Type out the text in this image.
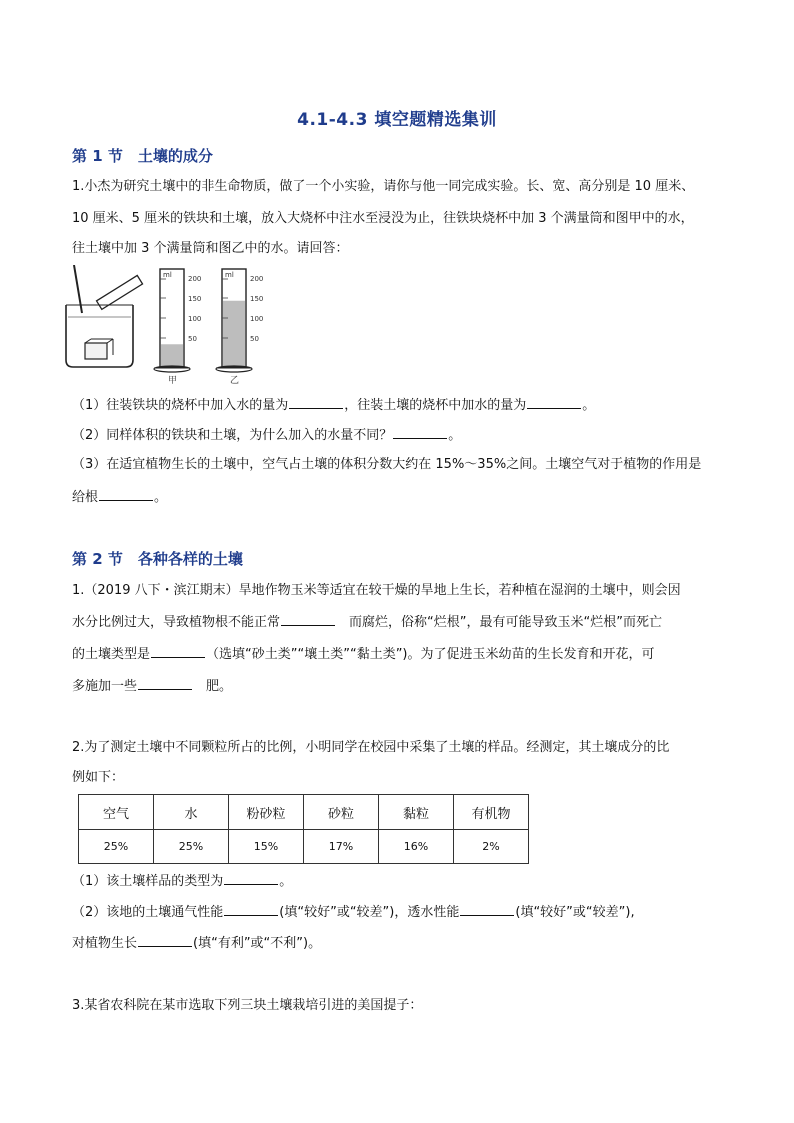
4.1-4.3 填空题精选集训
第 1 节　土壤的成分
1.小杰为研究土壤中的非生命物质，做了一个小实验，请你与他一同完成实验。长、宽、高分别是 10 厘米、
10 厘米、5 厘米的铁块和土壤，放入大烧杯中注水至浸没为止，往铁块烧杯中加 3 个满量筒和图甲中的水，
往土壤中加 3 个满量筒和图乙中的水。请回答：
ml	ml
200
150
100
50
200
150
100
50
甲	乙
（1）往装铁块的烧杯中加入水的量为	，往装土壤的烧杯中加水的量为	。
（2）同样体积的铁块和土壤，为什么加入的水量不同？	。
（3）在适宜植物生长的土壤中，空气占土壤的体积分数大约在 15%～35%之间。土壤空气对于植物的作用是
给根	。
第 2 节　各种各样的土壤
1.（2019 八下・滨江期末）旱地作物玉米等适宜在较干燥的旱地上生长，若种植在湿润的土壤中，则会因
水分比例过大，导致植物根不能正常	　而腐烂，俗称“烂根”，最有可能导致玉米“烂根”而死亡
的土壤类型是	（选填“砂土类”“壤土类”“黏土类”)。为了促进玉米幼苗的生长发育和开花，可
多施加一些	　肥。
2.为了测定土壤中不同颗粒所占的比例，小明同学在校园中采集了土壤的样品。经测定，其土壤成分的比
例如下：
空气	水	粉砂粒	砂粒	黏粒	有机物
25%	25%	15%	17%	16%	2%
（1）该土壤样品的类型为	。
（2）该地的土壤通气性能	(填“较好”或“较差”)，透水性能	(填“较好”或“较差”),
对植物生长	(填“有利”或“不利”)。
3.某省农科院在某市选取下列三块土壤栽培引进的美国提子：
